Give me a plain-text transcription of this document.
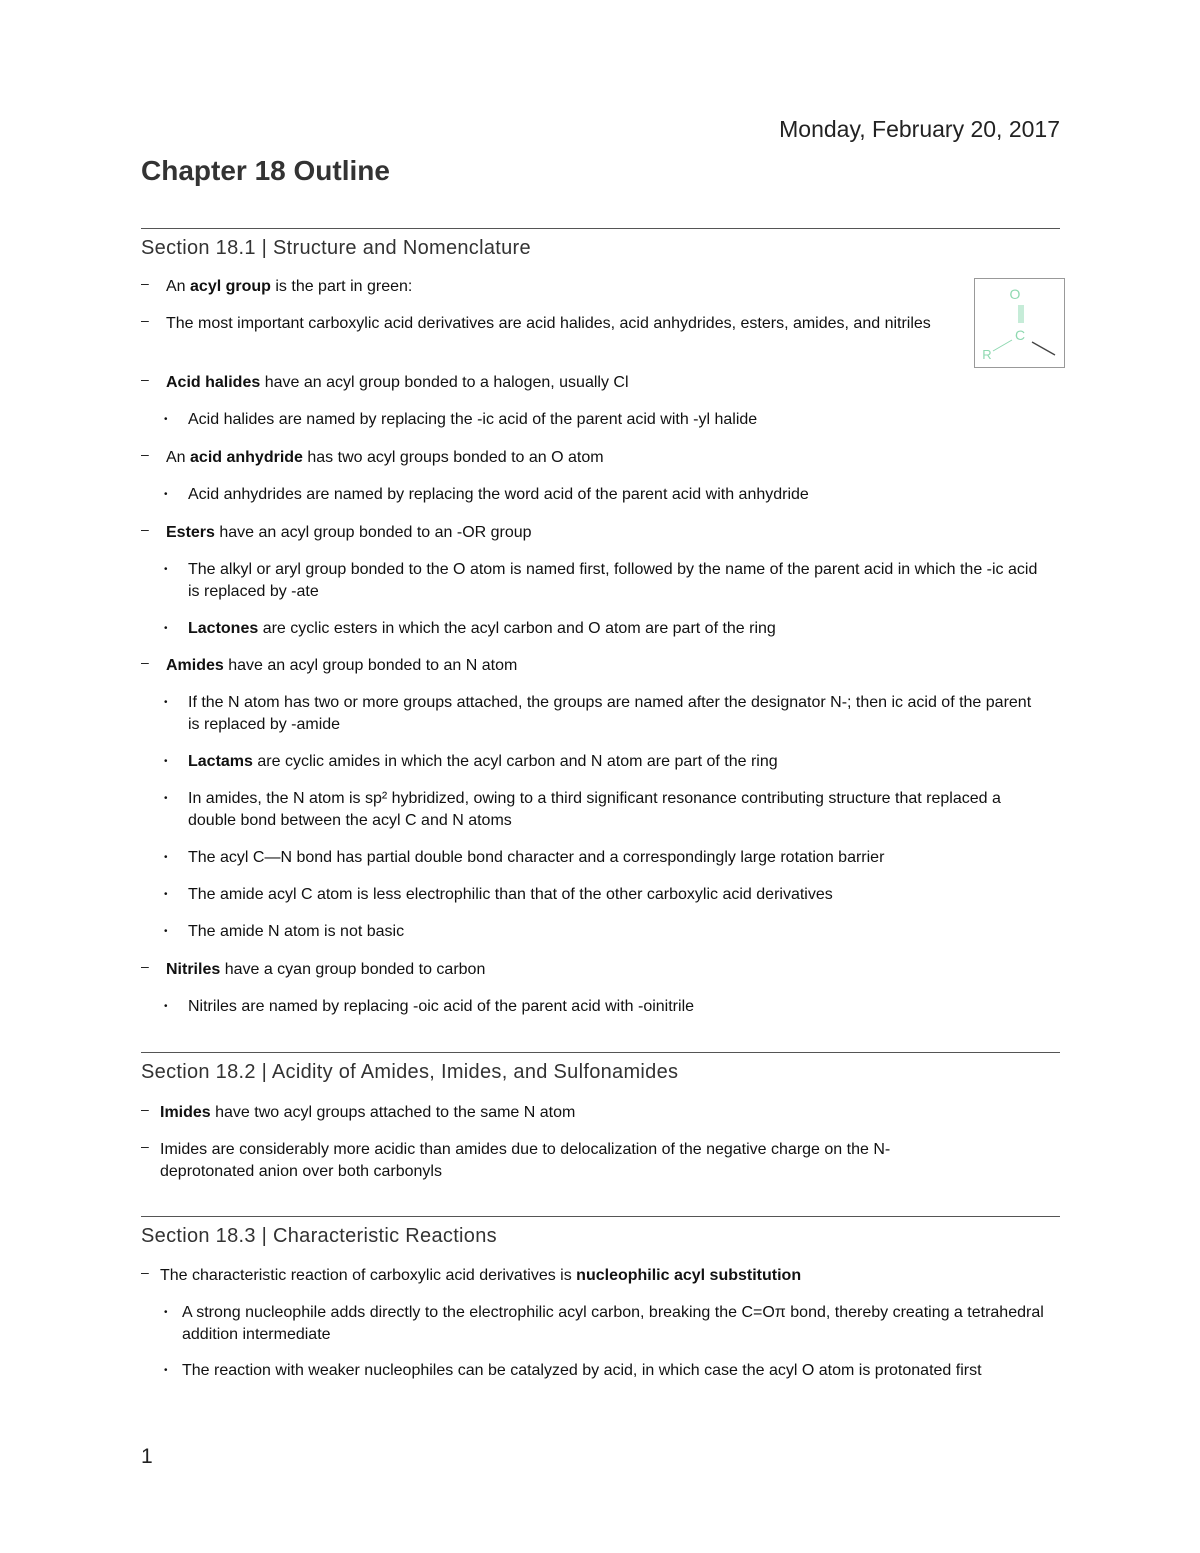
Monday, February 20, 2017
Chapter 18 Outline
Section 18.1 | Structure and Nomenclature
O
C
R
– An acyl group is the part in green:
– The most important carboxylic acid derivatives are acid halides, acid anhydrides, esters, amides, and nitriles
– Acid halides have an acyl group bonded to a halogen, usually Cl
• Acid halides are named by replacing the -ic acid of the parent acid with -yl halide
– An acid anhydride has two acyl groups bonded to an O atom
• Acid anhydrides are named by replacing the word acid of the parent acid with anhydride
– Esters have an acyl group bonded to an -OR group
• The alkyl or aryl group bonded to the O atom is named first, followed by the name of the parent acid in which the -ic acid is replaced by -ate
• Lactones are cyclic esters in which the acyl carbon and O atom are part of the ring
– Amides have an acyl group bonded to an N atom
• If the N atom has two or more groups attached, the groups are named after the designator N-; then ic acid of the parent is replaced by -amide
• Lactams are cyclic amides in which the acyl carbon and N atom are part of the ring
• In amides, the N atom is sp² hybridized, owing to a third significant resonance contributing structure that replaced a double bond between the acyl C and N atoms
• The acyl C—N bond has partial double bond character and a correspondingly large rotation barrier
• The amide acyl C atom is less electrophilic than that of the other carboxylic acid derivatives
• The amide N atom is not basic
– Nitriles have a cyan group bonded to carbon
• Nitriles are named by replacing -oic acid of the parent acid with -oinitrile
Section 18.2 | Acidity of Amides, Imides, and Sulfonamides
– Imides have two acyl groups attached to the same N atom
– Imides are considerably more acidic than amides due to delocalization of the negative charge on the N-deprotonated anion over both carbonyls
Section 18.3 | Characteristic Reactions
– The characteristic reaction of carboxylic acid derivatives is nucleophilic acyl substitution
• A strong nucleophile adds directly to the electrophilic acyl carbon, breaking the C=Oπ bond, thereby creating a tetrahedral addition intermediate
• The reaction with weaker nucleophiles can be catalyzed by acid, in which case the acyl O atom is protonated first
1
